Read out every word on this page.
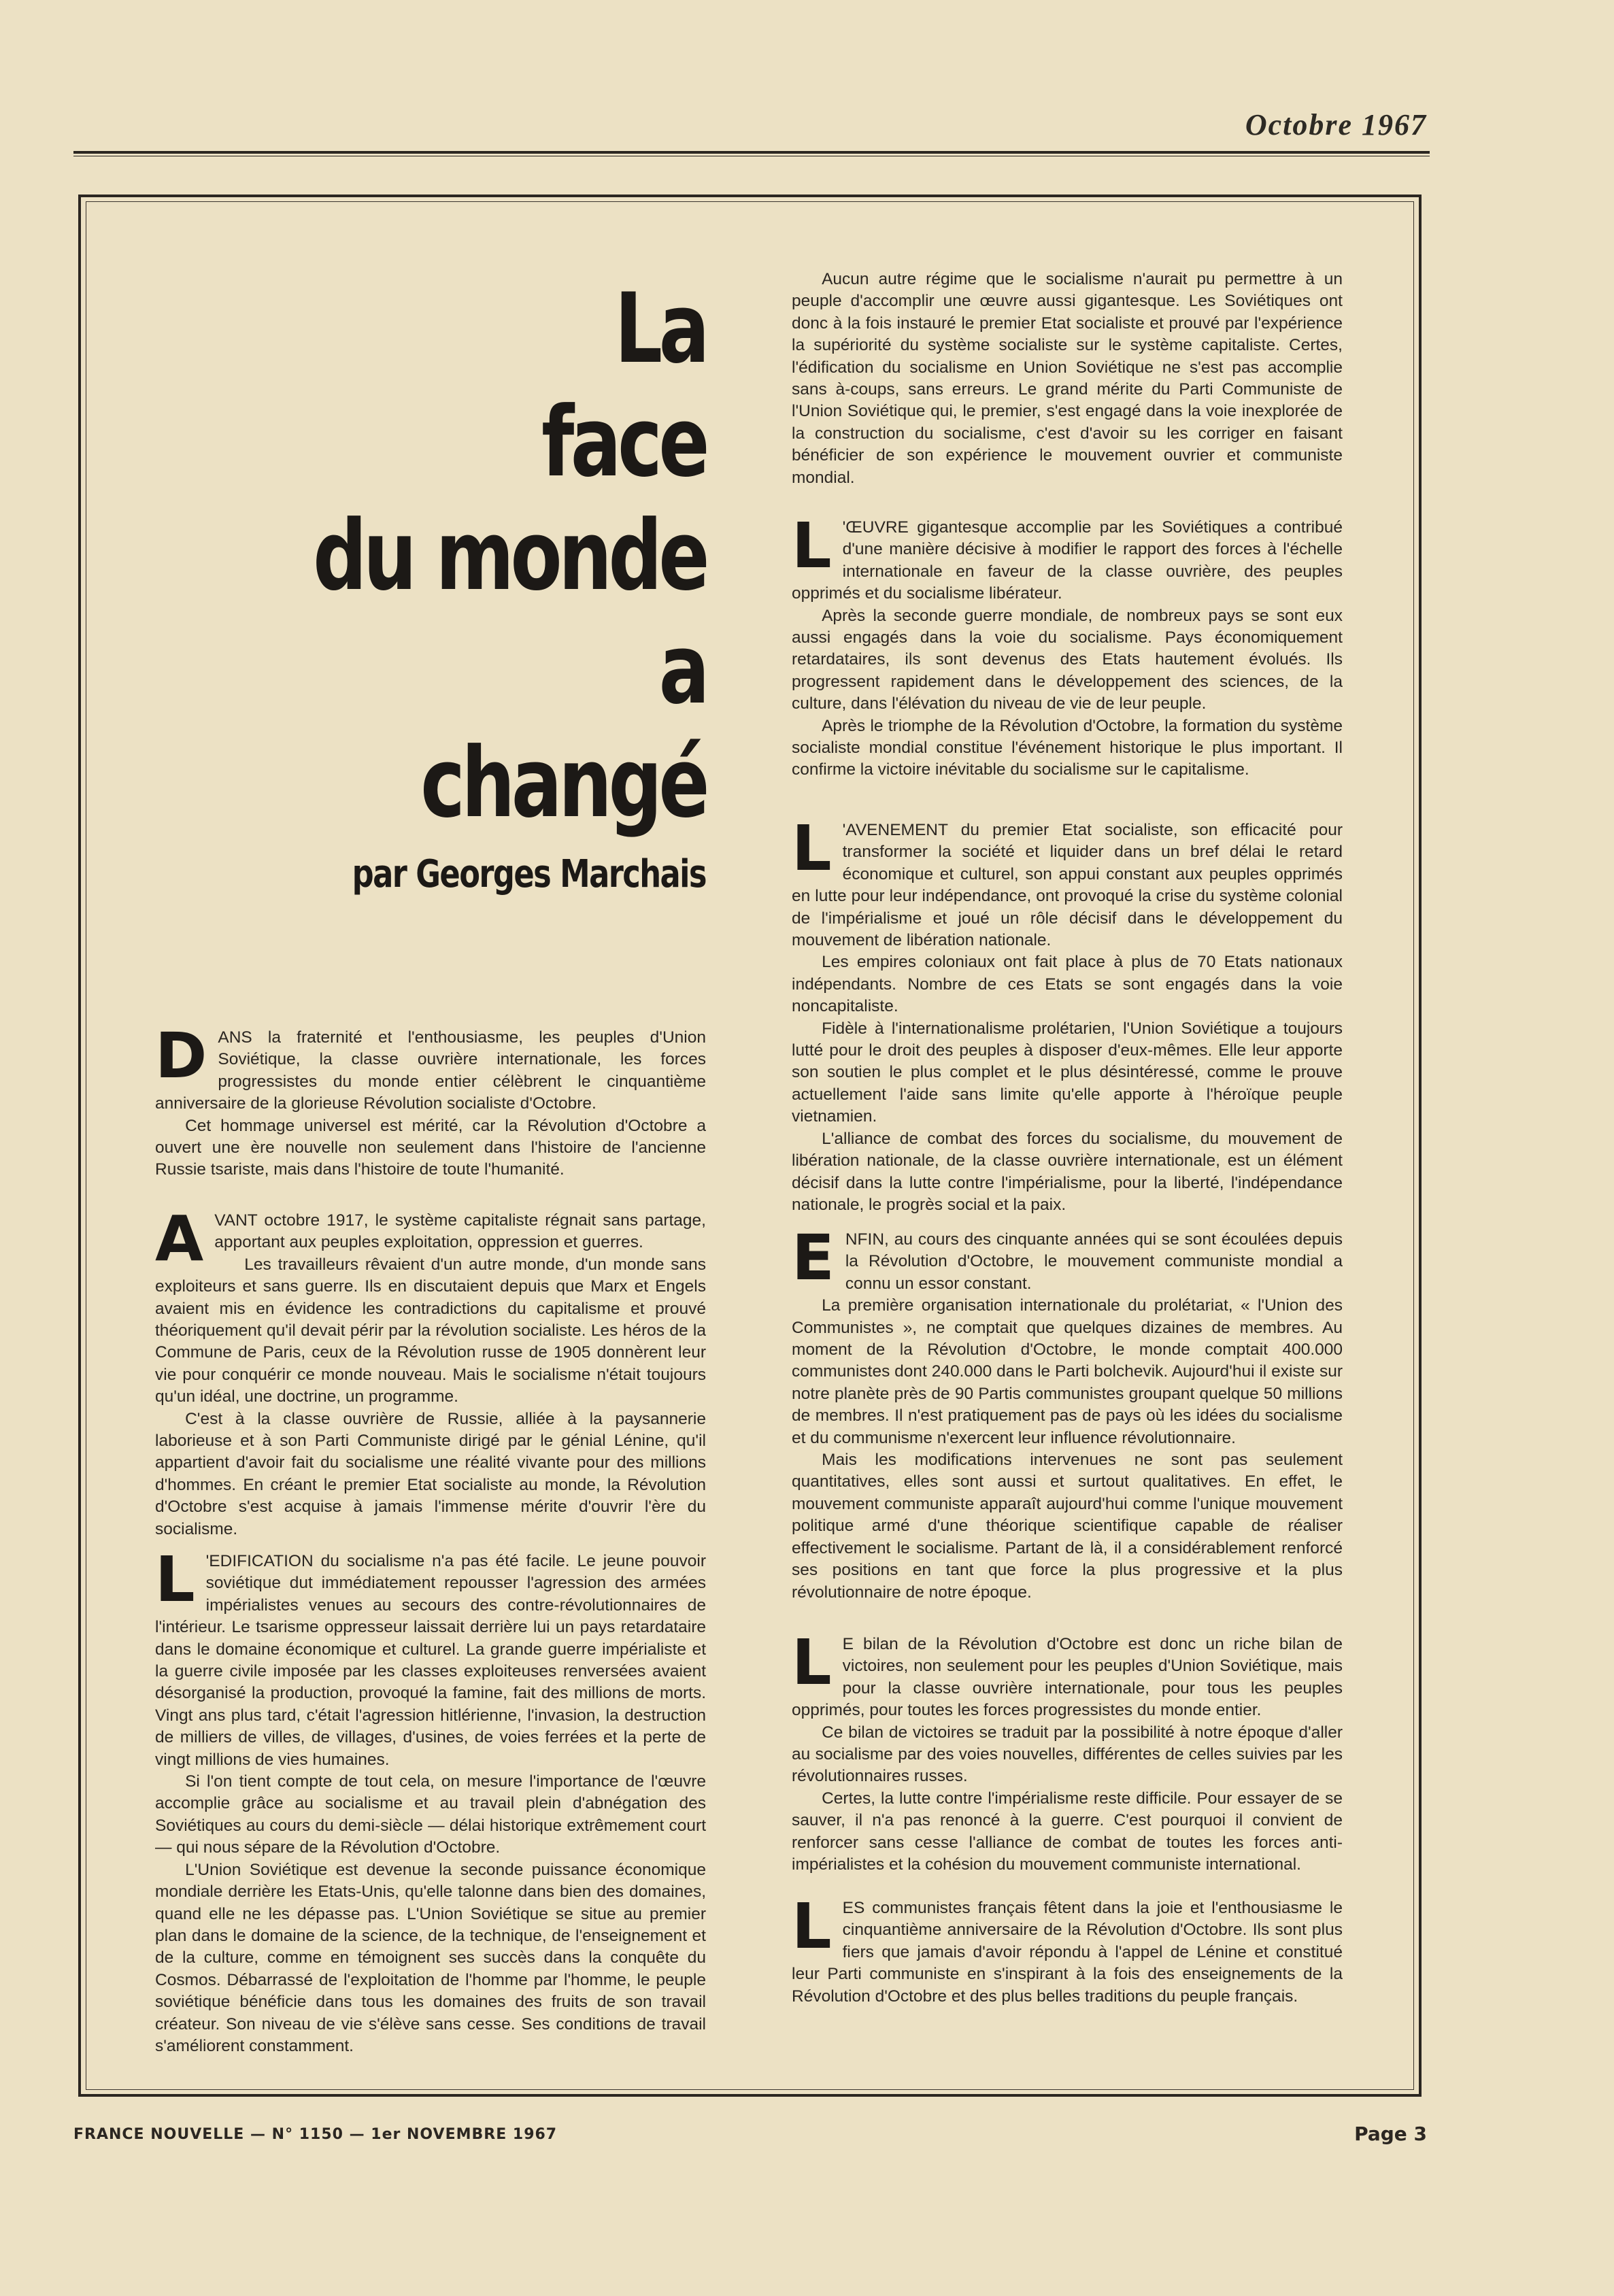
Octobre 1967
La
face
du monde
a
changé
par Georges Marchais
D ANS la fraternité et l'enthousiasme, les peuples d'Union Soviétique, la classe ouvrière internationale, les forces progressistes du monde entier célèbrent le cinquantième anniversaire de la glorieuse Révolution socialiste d'Octobre.

Cet hommage universel est mérité, car la Révolution d'Octobre a ouvert une ère nouvelle non seulement dans l'histoire de l'ancienne Russie tsariste, mais dans l'histoire de toute l'humanité.

A VANT octobre 1917, le système capitaliste régnait sans partage, apportant aux peuples exploitation, oppression et guerres.

Les travailleurs rêvaient d'un autre monde, d'un monde sans exploiteurs et sans guerre. Ils en discutaient depuis que Marx et Engels avaient mis en évidence les contradictions du capitalisme et prouvé théoriquement qu'il devait périr par la révolution socialiste. Les héros de la Commune de Paris, ceux de la Révolution russe de 1905 donnèrent leur vie pour conquérir ce monde nouveau. Mais le socialisme n'était toujours qu'un idéal, une doctrine, un programme.

C'est à la classe ouvrière de Russie, alliée à la paysannerie laborieuse et à son Parti Communiste dirigé par le génial Lénine, qu'il appartient d'avoir fait du socialisme une réalité vivante pour des millions d'hommes. En créant le premier Etat socialiste au monde, la Révolution d'Octobre s'est acquise à jamais l'immense mérite d'ouvrir l'ère du socialisme.

L 'EDIFICATION du socialisme n'a pas été facile. Le jeune pouvoir soviétique dut immédiatement repousser l'agression des armées impérialistes venues au secours des contre-révolutionnaires de l'intérieur. Le tsarisme oppresseur laissait derrière lui un pays retardataire dans le domaine économique et culturel. La grande guerre impérialiste et la guerre civile imposée par les classes exploiteuses renversées avaient désorganisé la production, provoqué la famine, fait des millions de morts. Vingt ans plus tard, c'était l'agression hitlérienne, l'invasion, la destruction de milliers de villes, de villages, d'usines, de voies ferrées et la perte de vingt millions de vies humaines.

Si l'on tient compte de tout cela, on mesure l'importance de l'œuvre accomplie grâce au socialisme et au travail plein d'abnégation des Soviétiques au cours du demi-siècle — délai historique extrêmement court — qui nous sépare de la Révolution d'Octobre.

L'Union Soviétique est devenue la seconde puissance économique mondiale derrière les Etats-Unis, qu'elle talonne dans bien des domaines, quand elle ne les dépasse pas. L'Union Soviétique se situe au premier plan dans le domaine de la science, de la technique, de l'enseignement et de la culture, comme en témoignent ses succès dans la conquête du Cosmos. Débarrassé de l'exploitation de l'homme par l'homme, le peuple soviétique bénéficie dans tous les domaines des fruits de son travail créateur. Son niveau de vie s'élève sans cesse. Ses conditions de travail s'améliorent constamment.

Aucun autre régime que le socialisme n'aurait pu permettre à un peuple d'accomplir une œuvre aussi gigantesque. Les Soviétiques ont donc à la fois instauré le premier Etat socialiste et prouvé par l'expérience la supériorité du système socialiste sur le système capitaliste. Certes, l'édification du socialisme en Union Soviétique ne s'est pas accomplie sans à-coups, sans erreurs. Le grand mérite du Parti Communiste de l'Union Soviétique qui, le premier, s'est engagé dans la voie inexplorée de la construction du socialisme, c'est d'avoir su les corriger en faisant bénéficier de son expérience le mouvement ouvrier et communiste mondial.

L 'ŒUVRE gigantesque accomplie par les Soviétiques a contribué d'une manière décisive à modifier le rapport des forces à l'échelle internationale en faveur de la classe ouvrière, des peuples opprimés et du socialisme libérateur.

Après la seconde guerre mondiale, de nombreux pays se sont eux aussi engagés dans la voie du socialisme. Pays économiquement retardataires, ils sont devenus des Etats hautement évolués. Ils progressent rapidement dans le développement des sciences, de la culture, dans l'élévation du niveau de vie de leur peuple.

Après le triomphe de la Révolution d'Octobre, la formation du système socialiste mondial constitue l'événement historique le plus important. Il confirme la victoire inévitable du socialisme sur le capitalisme.

L 'AVENEMENT du premier Etat socialiste, son efficacité pour transformer la société et liquider dans un bref délai le retard économique et culturel, son appui constant aux peuples opprimés en lutte pour leur indépendance, ont provoqué la crise du système colonial de l'impérialisme et joué un rôle décisif dans le développement du mouvement de libération nationale.

Les empires coloniaux ont fait place à plus de 70 Etats nationaux indépendants. Nombre de ces Etats se sont engagés dans la voie noncapitaliste.

Fidèle à l'internationalisme prolétarien, l'Union Soviétique a toujours lutté pour le droit des peuples à disposer d'eux-mêmes. Elle leur apporte son soutien le plus complet et le plus désintéressé, comme le prouve actuellement l'aide sans limite qu'elle apporte à l'héroïque peuple vietnamien.

L'alliance de combat des forces du socialisme, du mouvement de libération nationale, de la classe ouvrière internationale, est un élément décisif dans la lutte contre l'impérialisme, pour la liberté, l'indépendance nationale, le progrès social et la paix.

E NFIN, au cours des cinquante années qui se sont écoulées depuis la Révolution d'Octobre, le mouvement communiste mondial a connu un essor constant.

La première organisation internationale du prolétariat, « l'Union des Communistes », ne comptait que quelques dizaines de membres. Au moment de la Révolution d'Octobre, le monde comptait 400.000 communistes dont 240.000 dans le Parti bolchevik. Aujourd'hui il existe sur notre planète près de 90 Partis communistes groupant quelque 50 millions de membres. Il n'est pratiquement pas de pays où les idées du socialisme et du communisme n'exercent leur influence révolutionnaire.

Mais les modifications intervenues ne sont pas seulement quantitatives, elles sont aussi et surtout qualitatives. En effet, le mouvement communiste apparaît aujourd'hui comme l'unique mouvement politique armé d'une théorique scientifique capable de réaliser effectivement le socialisme. Partant de là, il a considérablement renforcé ses positions en tant que force la plus progressive et la plus révolutionnaire de notre époque.

L E bilan de la Révolution d'Octobre est donc un riche bilan de victoires, non seulement pour les peuples d'Union Soviétique, mais pour la classe ouvrière internationale, pour tous les peuples opprimés, pour toutes les forces progressistes du monde entier.

Ce bilan de victoires se traduit par la possibilité à notre époque d'aller au socialisme par des voies nouvelles, différentes de celles suivies par les révolutionnaires russes.

Certes, la lutte contre l'impérialisme reste difficile. Pour essayer de se sauver, il n'a pas renoncé à la guerre. C'est pourquoi il convient de renforcer sans cesse l'alliance de combat de toutes les forces anti-impérialistes et la cohésion du mouvement communiste international.

L ES communistes français fêtent dans la joie et l'enthousiasme le cinquantième anniversaire de la Révolution d'Octobre. Ils sont plus fiers que jamais d'avoir répondu à l'appel de Lénine et constitué leur Parti communiste en s'inspirant à la fois des enseignements de la Révolution d'Octobre et des plus belles traditions du peuple français.

FRANCE NOUVELLE — N° 1150 — 1er NOVEMBRE 1967	Page 3
